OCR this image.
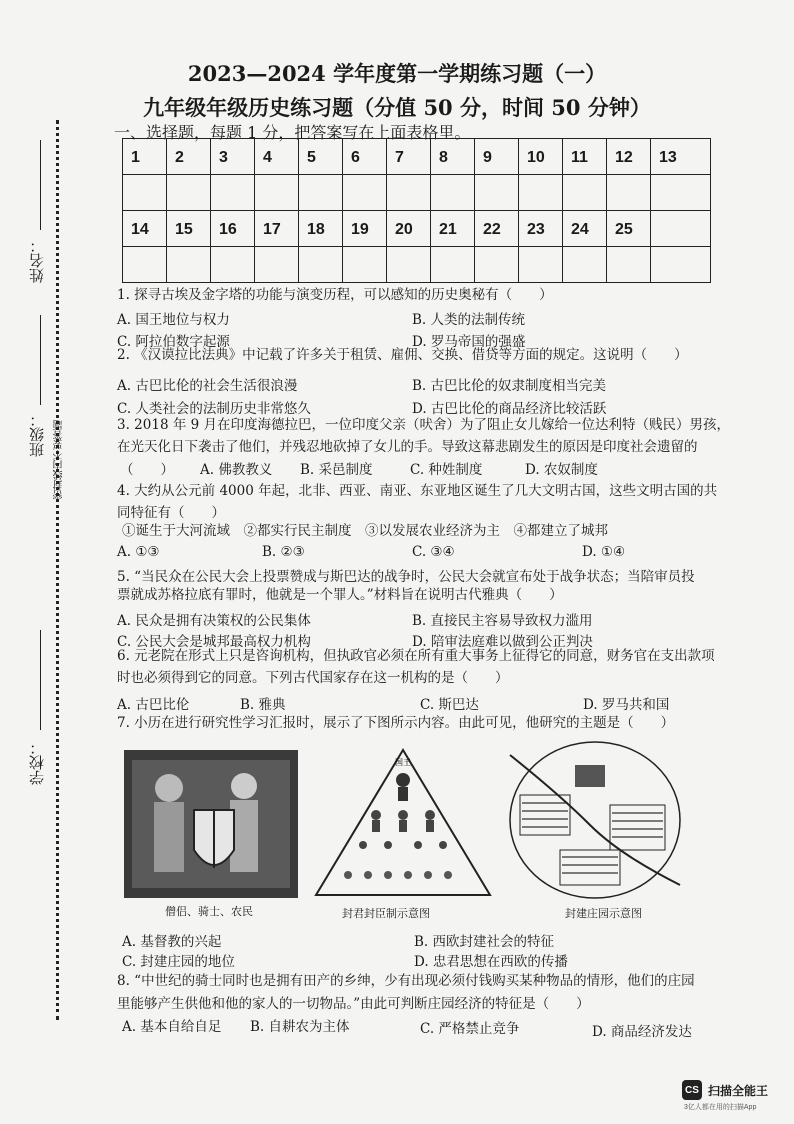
姓名：
班级：
学校：
密封线内不要答题
2023—2024 学年度第一学期练习题（一）
九年级年级历史练习题（分值 50 分，时间 50 分钟）
一、选择题，每题 1 分，把答案写在上面表格里。
1	2	3	4	5	6	7	8	9	10	11	12	13

14	15	16	17	18	19	20	21	22	23	24	25	

1. 探寻古埃及金字塔的功能与演变历程，可以感知的历史奥秘有（　　）
A. 国王地位与权力	B. 人类的法制传统
C. 阿拉伯数字起源	D. 罗马帝国的强盛
2. 《汉谟拉比法典》中记载了许多关于租赁、雇佣、交换、借贷等方面的规定。这说明（　　）
A. 古巴比伦的社会生活很浪漫	B. 古巴比伦的奴隶制度相当完美
C. 人类社会的法制历史非常悠久	D. 古巴比伦的商品经济比较活跃
3. 2018 年 9 月在印度海德拉巴，一位印度父亲（吠舍）为了阻止女儿嫁给一位达利特（贱民）男孩，
在光天化日下袭击了他们，并残忍地砍掉了女儿的手。导致这幕悲剧发生的原因是印度社会遗留的
（　　） A. 佛教教义 B. 采邑制度	C. 种姓制度	D. 农奴制度
4. 大约从公元前 4000 年起，北非、西亚、南亚、东亚地区诞生了几大文明古国，这些文明古国的共
同特征有（　　）
①诞生于大河流域　②都实行民主制度　③以发展农业经济为主　④都建立了城邦
A. ①③	B. ②③	C. ③④	D. ①④
5. “当民众在公民大会上投票赞成与斯巴达的战争时，公民大会就宣布处于战争状态；当陪审员投
票就成苏格拉底有罪时，他就是一个罪人。”材料旨在说明古代雅典（　　）
A. 民众是拥有决策权的公民集体	B. 直接民主容易导致权力滥用
C. 公民大会是城邦最高权力机构	D. 陪审法庭难以做到公正判决
6. 元老院在形式上只是咨询机构，但执政官必须在所有重大事务上征得它的同意，财务官在支出款项
时也必须得到它的同意。下列古代国家存在这一机构的是（　　）
A. 古巴比伦	B. 雅典	C. 斯巴达	D. 罗马共和国
7. 小历在进行研究性学习汇报时，展示了下图所示内容。由此可见，他研究的主题是（　　）
僧侣、骑士、农民
国王
封君封臣制示意图	封建庄园示意图
A. 基督教的兴起	B. 西欧封建社会的特征
C. 封建庄园的地位	D. 忠君思想在西欧的传播
8. “中世纪的骑士同时也是拥有田产的乡绅，少有出现必须付钱购买某种物品的情形，他们的庄园
里能够产生供他和他的家人的一切物品。”由此可判断庄园经济的特征是（　　）
A. 基本自给自足 B. 自耕农为主体	C. 严格禁止竞争	D. 商品经济发达
CS 扫描全能王
3亿人都在用的扫描App
